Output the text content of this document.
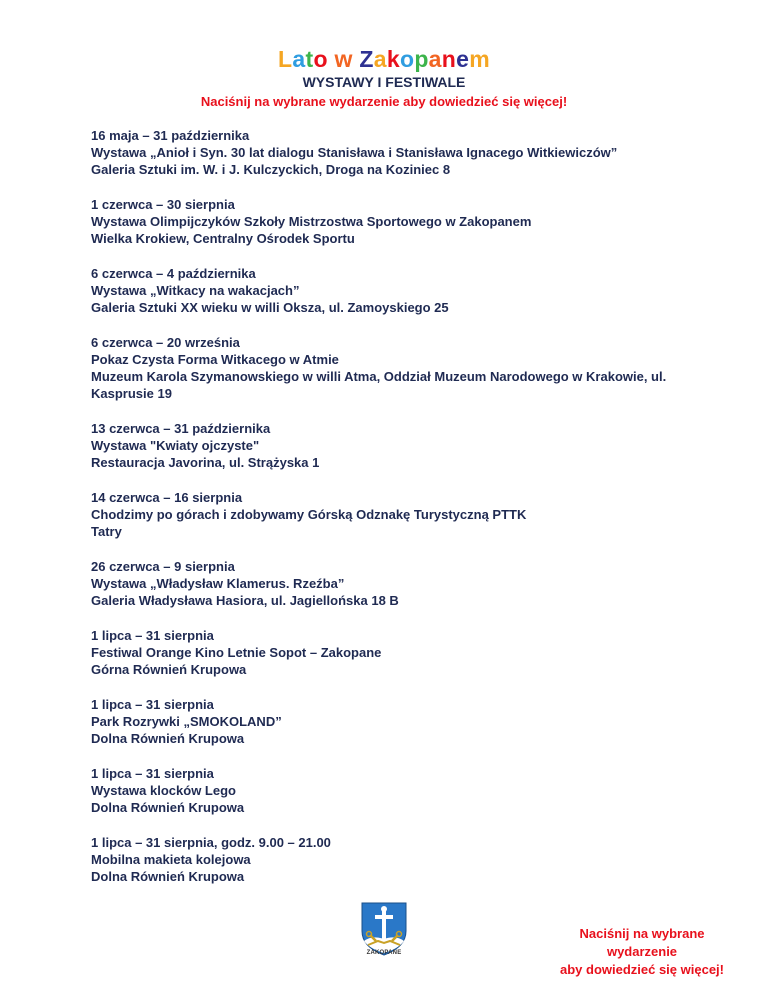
Lato w Zakopanem
WYSTAWY I FESTIWALE
Naciśnij na wybrane wydarzenie aby dowiedzieć się więcej!
16 maja – 31 października
Wystawa „Anioł i Syn. 30 lat dialogu Stanisława i Stanisława Ignacego Witkiewiczów”
Galeria Sztuki im. W. i J. Kulczyckich, Droga na Koziniec 8
1 czerwca – 30 sierpnia
Wystawa Olimpijczyków Szkoły Mistrzostwa Sportowego w Zakopanem
Wielka Krokiew, Centralny Ośrodek Sportu
6 czerwca – 4 października
Wystawa „Witkacy na wakacjach”
Galeria Sztuki XX wieku w willi Oksza, ul. Zamoyskiego 25
6 czerwca – 20 września
Pokaz Czysta Forma Witkacego w Atmie
Muzeum Karola Szymanowskiego w willi Atma, Oddział Muzeum Narodowego w Krakowie, ul. Kasprusie 19
13 czerwca – 31 października
Wystawa "Kwiaty ojczyste"
Restauracja Javorina, ul. Strążyska 1
14 czerwca – 16 sierpnia
Chodzimy po górach i zdobywamy Górską Odznakę Turystyczną PTTK
Tatry
26 czerwca – 9 sierpnia
Wystawa „Władysław Klamerus. Rzeźba”
Galeria Władysława Hasiora, ul. Jagiellońska 18 B
1 lipca – 31 sierpnia
Festiwal Orange Kino Letnie Sopot – Zakopane
Górna Równień Krupowa
1 lipca – 31 sierpnia
Park Rozrywki „SMOKOLAND”
Dolna Równień Krupowa
1 lipca – 31 sierpnia
Wystawa klocków Lego
Dolna Równień Krupowa
1 lipca – 31 sierpnia, godz. 9.00 – 21.00
Mobilna makieta kolejowa
Dolna Równień Krupowa
ZAKOPANE
Naciśnij na wybrane
wydarzenie
aby dowiedzieć się więcej!
